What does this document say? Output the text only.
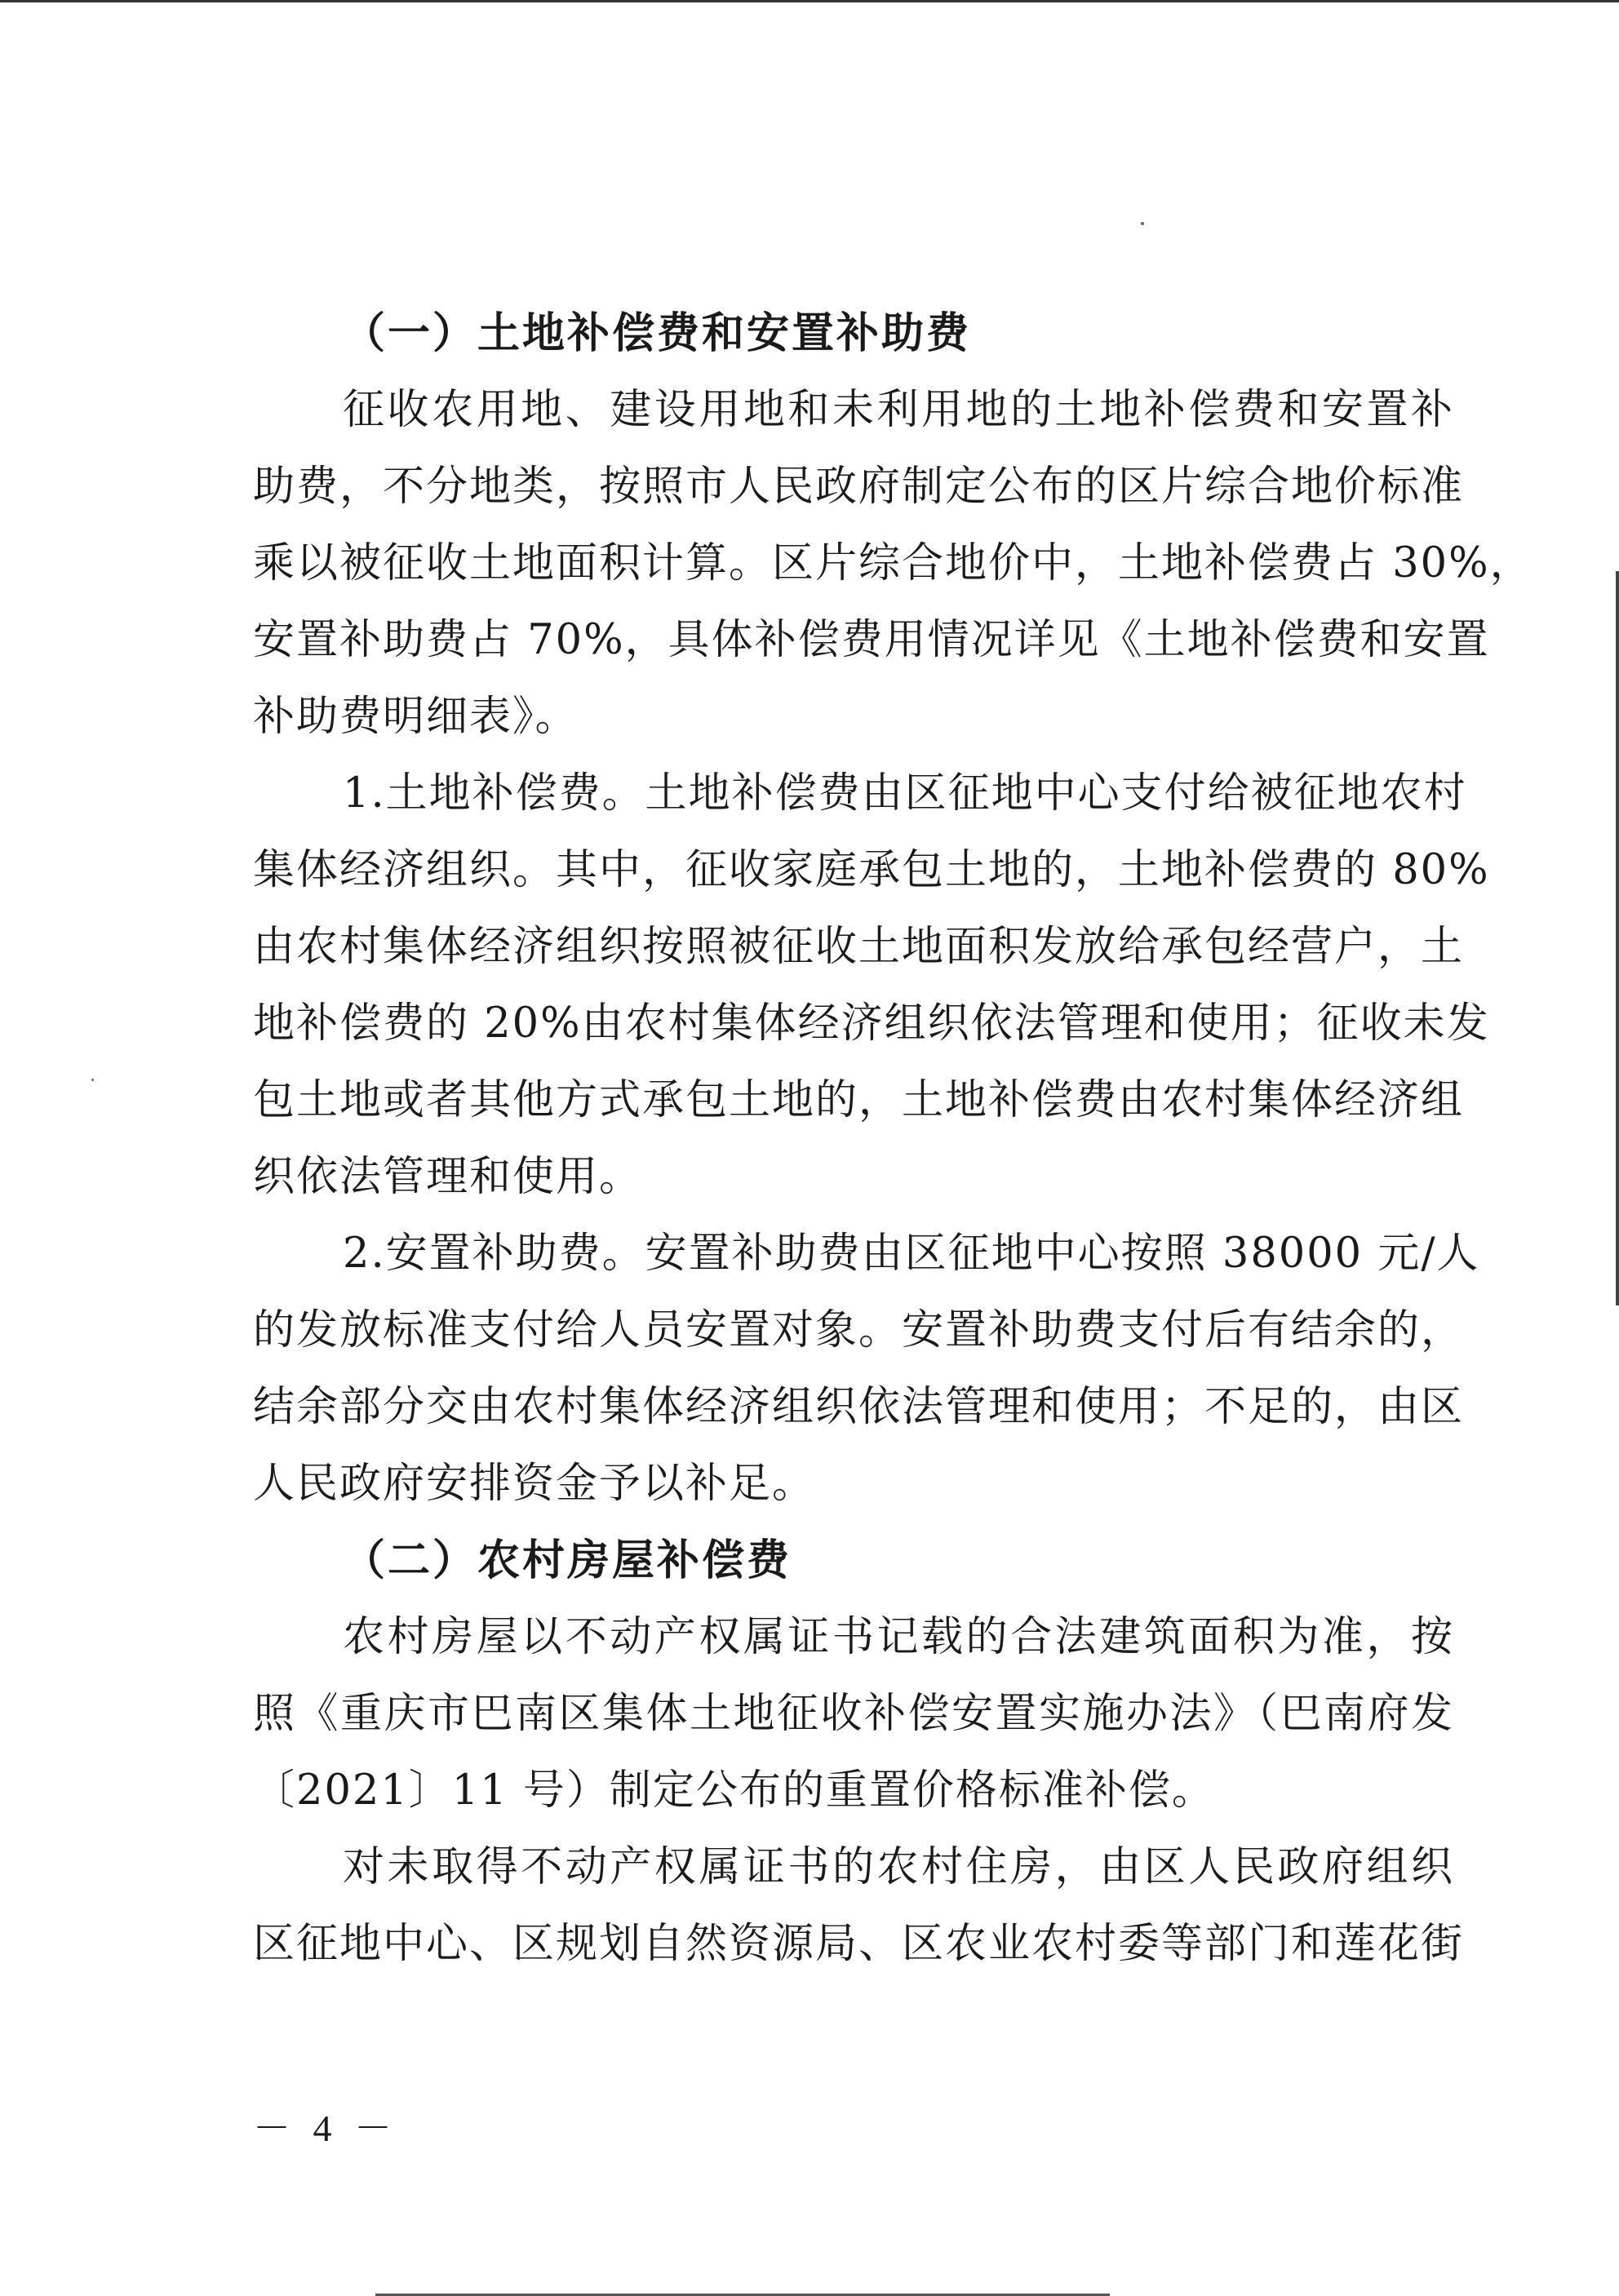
（一）土地补偿费和安置补助费
征收农用地、建设用地和未利用地的土地补偿费和安置补
助费，不分地类，按照市人民政府制定公布的区片综合地价标准
乘以被征收土地面积计算。区片综合地价中，土地补偿费占 30%，
安置补助费占 70%，具体补偿费用情况详见《土地补偿费和安置
补助费明细表》。
1.土地补偿费。土地补偿费由区征地中心支付给被征地农村
集体经济组织。其中，征收家庭承包土地的，土地补偿费的 80%
由农村集体经济组织按照被征收土地面积发放给承包经营户，土
地补偿费的 20%由农村集体经济组织依法管理和使用；征收未发
包土地或者其他方式承包土地的，土地补偿费由农村集体经济组
织依法管理和使用。
2.安置补助费。安置补助费由区征地中心按照 38000 元/人
的发放标准支付给人员安置对象。安置补助费支付后有结余的，
结余部分交由农村集体经济组织依法管理和使用；不足的，由区
人民政府安排资金予以补足。
（二）农村房屋补偿费
农村房屋以不动产权属证书记载的合法建筑面积为准，按
照《重庆市巴南区集体土地征收补偿安置实施办法》（巴南府发
〔2021〕11 号）制定公布的重置价格标准补偿。
对未取得不动产权属证书的农村住房，由区人民政府组织
区征地中心、区规划自然资源局、区农业农村委等部门和莲花街
－ 4 －
